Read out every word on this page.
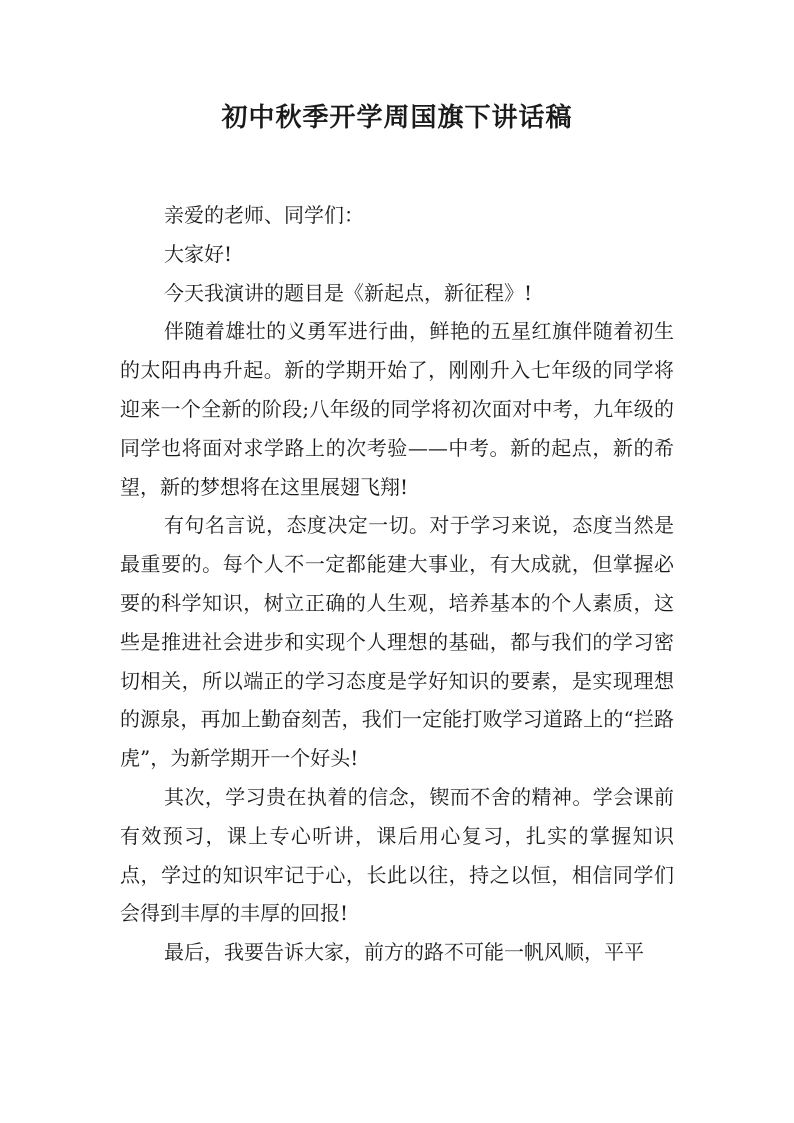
初中秋季开学周国旗下讲话稿

亲爱的老师、同学们：

大家好!

今天我演讲的题目是《新起点，新征程》!

伴随着雄壮的义勇军进行曲，鲜艳的五星红旗伴随着初生的太阳冉冉升起。新的学期开始了，刚刚升入七年级的同学将迎来一个全新的阶段;八年级的同学将初次面对中考，九年级的同学也将面对求学路上的次考验——中考。新的起点，新的希望，新的梦想将在这里展翅飞翔!

有句名言说，态度决定一切。对于学习来说，态度当然是最重要的。每个人不一定都能建大事业，有大成就，但掌握必要的科学知识，树立正确的人生观，培养基本的个人素质，这些是推进社会进步和实现个人理想的基础，都与我们的学习密切相关，所以端正的学习态度是学好知识的要素，是实现理想的源泉，再加上勤奋刻苦，我们一定能打败学习道路上的“拦路虎”，为新学期开一个好头!

其次，学习贵在执着的信念，锲而不舍的精神。学会课前有效预习，课上专心听讲，课后用心复习，扎实的掌握知识点，学过的知识牢记于心，长此以往，持之以恒，相信同学们会得到丰厚的丰厚的回报!

最后，我要告诉大家，前方的路不可能一帆风顺，平平
